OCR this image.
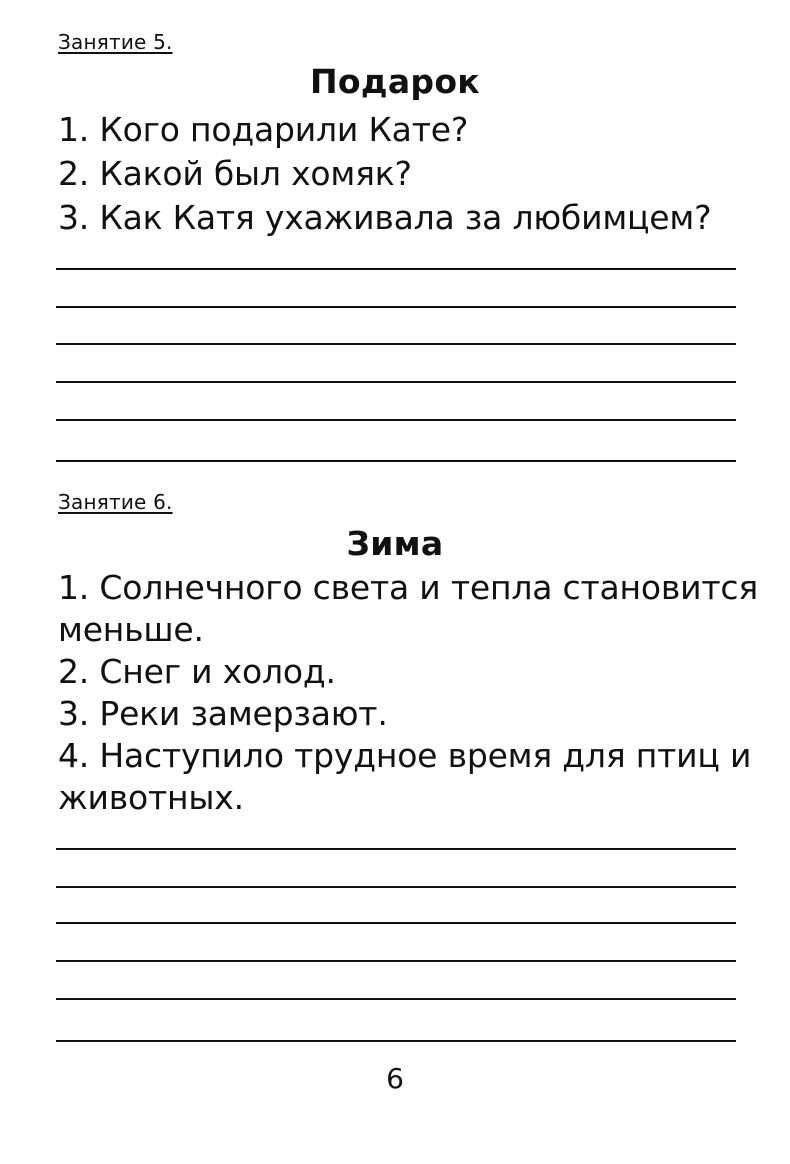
Занятие 5.
Подарок
1. Кого подарили Кате?
2. Какой был хомяк?
3. Как Катя ухаживала за любимцем?
Занятие 6.
Зима
1. Солнечного света и тепла становится
меньше.
2. Снег и холод.
3. Реки замерзают.
4. Наступило трудное время для птиц и
животных.
6
